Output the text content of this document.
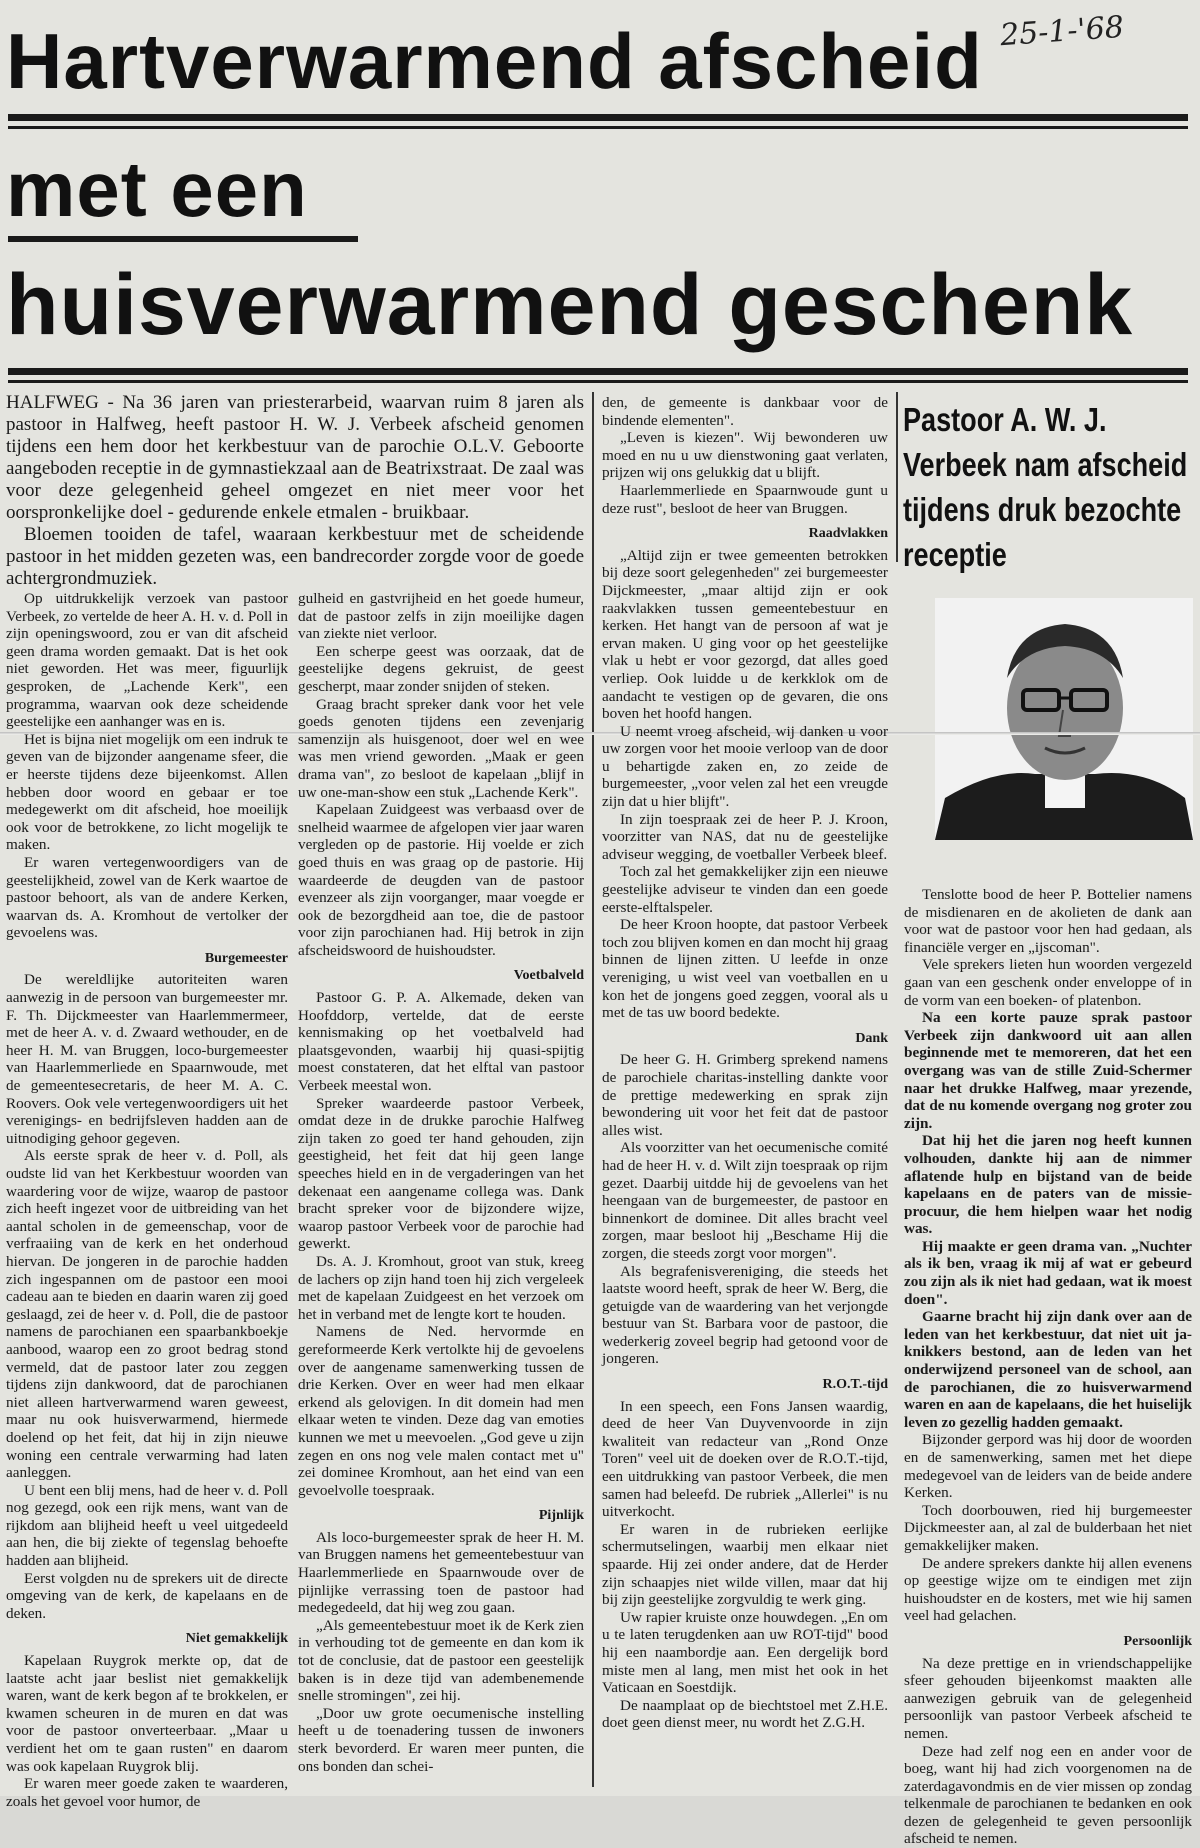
25-1-'68
Hartverwarmend afscheid
met een
huisverwarmend geschenk

HALFWEG - Na 36 jaren van priesterarbeid, waarvan ruim 8 jaren als pastoor in Halfweg, heeft pastoor H. W. J. Verbeek afscheid genomen tijdens een hem door het kerkbestuur van de parochie O.L.V. Geboorte aangeboden receptie in de gymnastiekzaal aan de Beatrixstraat. De zaal was voor deze gelegenheid geheel omgezet en niet meer voor het oorspronkelijke doel - gedurende enkele etmalen - bruikbaar.

Bloemen tooiden de tafel, waaraan kerkbestuur met de scheidende pastoor in het midden gezeten was, een bandrecorder zorgde voor de goede achtergrondmuziek.

Pastoor A. W. J. Verbeek nam afscheid tijdens druk bezochte receptie

Op uitdrukkelijk verzoek van pastoor Verbeek, zo vertelde de heer A. H. v. d. Poll in zijn openingswoord, zou er van dit afscheid geen drama worden gemaakt. Dat is het ook niet geworden. Het was meer, figuurlijk gesproken, de „Lachende Kerk", een programma, waarvan ook deze scheidende geestelijke een aanhanger was en is.

Het is bijna niet mogelijk om een indruk te geven van de bijzonder aangename sfeer, die er heerste tijdens deze bijeenkomst. Allen hebben door woord en gebaar er toe medegewerkt om dit afscheid, hoe moeilijk ook voor de betrokkene, zo licht mogelijk te maken.

Er waren vertegenwoordigers van de geestelijkheid, zowel van de Kerk waartoe de pastoor behoort, als van de andere Kerken, waarvan ds. A. Kromhout de vertolker der gevoelens was.

Burgemeester

De wereldlijke autoriteiten waren aanwezig in de persoon van burgemeester mr. F. Th. Dijckmeester van Haarlemmermeer, met de heer A. v. d. Zwaard wethouder, en de heer H. M. van Bruggen, loco-burgemeester van Haarlemmerliede en Spaarnwoude, met de gemeentesecretaris, de heer M. A. C. Roovers. Ook vele vertegenwoordigers uit het verenigings- en bedrijfsleven hadden aan de uitnodiging gehoor gegeven.

Als eerste sprak de heer v. d. Poll, als oudste lid van het Kerkbestuur woorden van waardering voor de wijze, waarop de pastoor zich heeft ingezet voor de uitbreiding van het aantal scholen in de gemeenschap, voor de verfraaiing van de kerk en het onderhoud hiervan. De jongeren in de parochie hadden zich ingespannen om de pastoor een mooi cadeau aan te bieden en daarin waren zij goed geslaagd, zei de heer v. d. Poll, die de pastoor namens de parochianen een spaarbankboekje aanbood, waarop een zo groot bedrag stond vermeld, dat de pastoor later zou zeggen tijdens zijn dankwoord, dat de parochianen niet alleen hartverwarmend waren geweest, maar nu ook huisverwarmend, hiermede doelend op het feit, dat hij in zijn nieuwe woning een centrale verwarming had laten aanleggen.

U bent een blij mens, had de heer v. d. Poll nog gezegd, ook een rijk mens, want van de rijkdom aan blijheid heeft u veel uitgedeeld aan hen, die bij ziekte of tegenslag behoefte hadden aan blijheid.

Eerst volgden nu de sprekers uit de directe omgeving van de kerk, de kapelaans en de deken.

Niet gemakkelijk

Kapelaan Ruygrok merkte op, dat de laatste acht jaar beslist niet gemakkelijk waren, want de kerk begon af te brokkelen, er kwamen scheuren in de muren en dat was voor de pastoor onverteerbaar. „Maar u verdient het om te gaan rusten" en daarom was ook kapelaan Ruygrok blij.

Er waren meer goede zaken te waarderen, zoals het gevoel voor humor, de

gulheid en gastvrijheid en het goede humeur, dat de pastoor zelfs in zijn moeilijke dagen van ziekte niet verloor.

Een scherpe geest was oorzaak, dat de geestelijke degens gekruist, de geest gescherpt, maar zonder snijden of steken.

Graag bracht spreker dank voor het vele goeds genoten tijdens een zevenjarig samenzijn als huisgenoot, doer wel en wee was men vriend geworden. „Maak er geen drama van", zo besloot de kapelaan „blijf in uw one-man-show een stuk „Lachende Kerk".

Kapelaan Zuidgeest was verbaasd over de snelheid waarmee de afgelopen vier jaar waren vergleden op de pastorie. Hij voelde er zich goed thuis en was graag op de pastorie. Hij waardeerde de deugden van de pastoor evenzeer als zijn voorganger, maar voegde er ook de bezorgdheid aan toe, die de pastoor voor zijn parochianen had. Hij betrok in zijn afscheidswoord de huishoudster.

Voetbalveld

Pastoor G. P. A. Alkemade, deken van Hoofddorp, vertelde, dat de eerste kennismaking op het voetbalveld had plaatsgevonden, waarbij hij quasi-spijtig moest constateren, dat het elftal van pastoor Verbeek meestal won.

Spreker waardeerde pastoor Verbeek, omdat deze in de drukke parochie Halfweg zijn taken zo goed ter hand gehouden, zijn geestigheid, het feit dat hij geen lange speeches hield en in de vergaderingen van het dekenaat een aangename collega was. Dank bracht spreker voor de bijzondere wijze, waarop pastoor Verbeek voor de parochie had gewerkt.

Ds. A. J. Kromhout, groot van stuk, kreeg de lachers op zijn hand toen hij zich vergeleek met de kapelaan Zuidgeest en het verzoek om het in verband met de lengte kort te houden.

Namens de Ned. hervormde en gereformeerde Kerk vertolkte hij de gevoelens over de aangename samenwerking tussen de drie Kerken. Over en weer had men elkaar erkend als gelovigen. In dit domein had men elkaar weten te vinden. Deze dag van emoties kunnen we met u meevoelen. „God geve u zijn zegen en ons nog vele malen contact met u" zei dominee Kromhout, aan het eind van een gevoelvolle toespraak.

Pijnlijk

Als loco-burgemeester sprak de heer H. M. van Bruggen namens het gemeentebestuur van Haarlemmerliede en Spaarnwoude over de pijnlijke verrassing toen de pastoor had medegedeeld, dat hij weg zou gaan.

„Als gemeentebestuur moet ik de Kerk zien in verhouding tot de gemeente en dan kom ik tot de conclusie, dat de pastoor een geestelijk baken is in deze tijd van adembenemende snelle stromingen", zei hij.

„Door uw grote oecumenische instelling heeft u de toenadering tussen de inwoners sterk bevorderd. Er waren meer punten, die ons bonden dan schei-

den, de gemeente is dankbaar voor de bindende elementen".

„Leven is kiezen". Wij bewonderen uw moed en nu u uw dienstwoning gaat verlaten, prijzen wij ons gelukkig dat u blijft.

Haarlemmerliede en Spaarnwoude gunt u deze rust", besloot de heer van Bruggen.

Raadvlakken

„Altijd zijn er twee gemeenten betrokken bij deze soort gelegenheden" zei burgemeester Dijckmeester, „maar altijd zijn er ook raakvlakken tussen gemeentebestuur en kerken. Het hangt van de persoon af wat je ervan maken. U ging voor op het geestelijke vlak u hebt er voor gezorgd, dat alles goed verliep. Ook luidde u de kerkklok om de aandacht te vestigen op de gevaren, die ons boven het hoofd hangen.

U neemt vroeg afscheid, wij danken u voor uw zorgen voor het mooie verloop van de door u behartigde zaken en, zo zeide de burgemeester, „voor velen zal het een vreugde zijn dat u hier blijft".

In zijn toespraak zei de heer P. J. Kroon, voorzitter van NAS, dat nu de geestelijke adviseur wegging, de voetballer Verbeek bleef.

Toch zal het gemakkelijker zijn een nieuwe geestelijke adviseur te vinden dan een goede eerste-elftalspeler.

De heer Kroon hoopte, dat pastoor Verbeek toch zou blijven komen en dan mocht hij graag binnen de lijnen zitten. U leefde in onze vereniging, u wist veel van voetballen en u kon het de jongens goed zeggen, vooral als u met de tas uw boord bedekte.

Dank

De heer G. H. Grimberg sprekend namens de parochiele charitas-instelling dankte voor de prettige medewerking en sprak zijn bewondering uit voor het feit dat de pastoor alles wist.

Als voorzitter van het oecumenische comité had de heer H. v. d. Wilt zijn toespraak op rijm gezet. Daarbij uitdde hij de gevoelens van het heengaan van de burgemeester, de pastoor en binnenkort de dominee. Dit alles bracht veel zorgen, maar besloot hij „Beschame Hij die zorgen, die steeds zorgt voor morgen".

Als begrafenisvereniging, die steeds het laatste woord heeft, sprak de heer W. Berg, die getuigde van de waardering van het verjongde bestuur van St. Barbara voor de pastoor, die wederkerig zoveel begrip had getoond voor de jongeren.

R.O.T.-tijd

In een speech, een Fons Jansen waardig, deed de heer Van Duyvenvoorde in zijn kwaliteit van redacteur van „Rond Onze Toren" veel uit de doeken over de R.O.T.-tijd, een uitdrukking van pastoor Verbeek, die men samen had beleefd. De rubriek „Allerlei" is nu uitverkocht.

Er waren in de rubrieken eerlijke schermutselingen, waarbij men elkaar niet spaarde. Hij zei onder andere, dat de Herder zijn schaapjes niet wilde villen, maar dat hij bij zijn geestelijke zorgvuldig te werk ging.

Uw rapier kruiste onze houwdegen. „En om u te laten terugdenken aan uw ROT-tijd" bood hij een naambordje aan. Een dergelijk bord miste men al lang, men mist het ook in het Vaticaan en Soestdijk.

De naamplaat op de biechtstoel met Z.H.E. doet geen dienst meer, nu wordt het Z.G.H.

Tenslotte bood de heer P. Bottelier namens de misdienaren en de akolieten de dank aan voor wat de pastoor voor hen had gedaan, als financiële verger en „ijscoman".

Vele sprekers lieten hun woorden vergezeld gaan van een geschenk onder enveloppe of in de vorm van een boeken- of platenbon.

Na een korte pauze sprak pastoor Verbeek zijn dankwoord uit aan allen beginnende met te memoreren, dat het een overgang was van de stille Zuid-Schermer naar het drukke Halfweg, maar yrezende, dat de nu komende overgang nog groter zou zijn.

Dat hij het die jaren nog heeft kunnen volhouden, dankte hij aan de nimmer aflatende hulp en bijstand van de beide kapelaans en de paters van de missie-procuur, die hem hielpen waar het nodig was.

Hij maakte er geen drama van. „Nuchter als ik ben, vraag ik mij af wat er gebeurd zou zijn als ik niet had gedaan, wat ik moest doen".

Gaarne bracht hij zijn dank over aan de leden van het kerkbestuur, dat niet uit ja-knikkers bestond, aan de leden van het onderwijzend personeel van de school, aan de parochianen, die zo huisverwarmend waren en aan de kapelaans, die het huiselijk leven zo gezellig hadden gemaakt.

Bijzonder gerpord was hij door de woorden en de samenwerking, samen met het diepe medegevoel van de leiders van de beide andere Kerken.

Toch doorbouwen, ried hij burgemeester Dijckmeester aan, al zal de bulderbaan het niet gemakkelijker maken.

De andere sprekers dankte hij allen evenens op geestige wijze om te eindigen met zijn huishoudster en de kosters, met wie hij samen veel had gelachen.

Persoonlijk

Na deze prettige en in vriendschappelijke sfeer gehouden bijeenkomst maakten alle aanwezigen gebruik van de gelegenheid persoonlijk van pastoor Verbeek afscheid te nemen.

Deze had zelf nog een en ander voor de boeg, want hij had zich voorgenomen na de zaterdagavondmis en de vier missen op zondag telkenmale de parochianen te bedanken en ook dezen de gelegenheid te geven persoonlijk afscheid te nemen.
